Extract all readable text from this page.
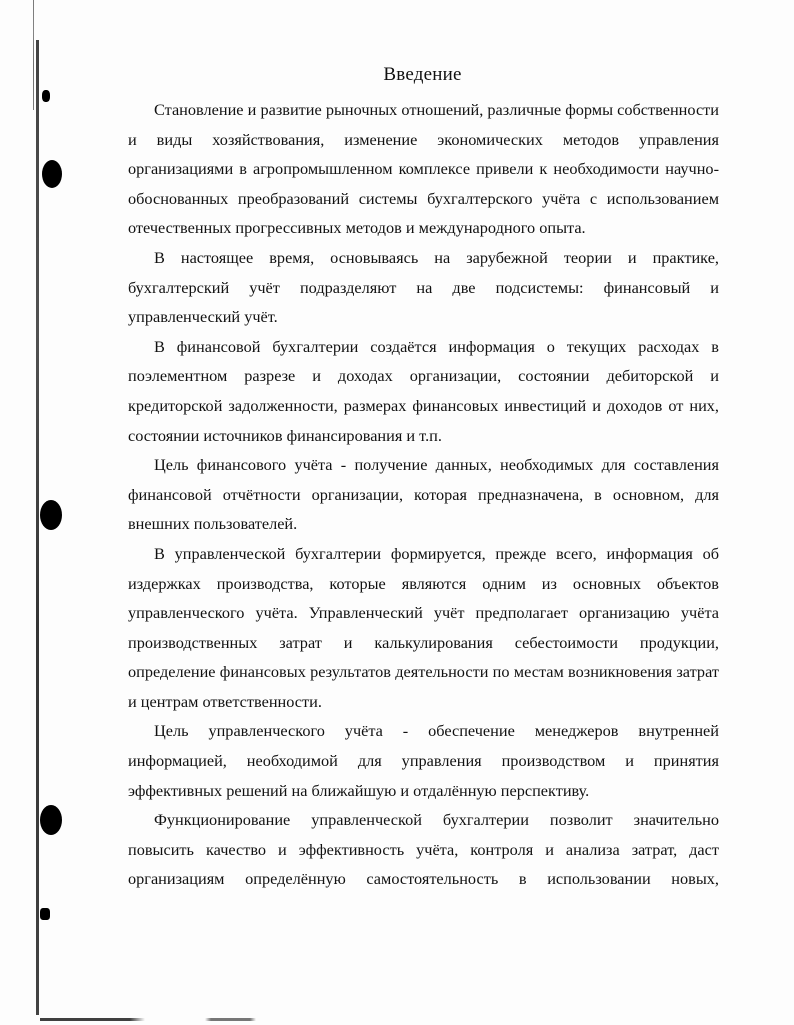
Введение

Становление и развитие рыночных отношений, различные формы собственности и виды хозяйствования, изменение экономических методов управления организациями в агропромышленном комплексе привели к необходимости научно-обоснованных преобразований системы бухгалтерского учёта с использованием отечественных прогрессивных методов и международного опыта.

В настоящее время, основываясь на зарубежной теории и практике, бухгалтерский учёт подразделяют на две подсистемы: финансовый и управленческий учёт.

В финансовой бухгалтерии создаётся информация о текущих расходах в поэлементном разрезе и доходах организации, состоянии дебиторской и кредиторской задолженности, размерах финансовых инвестиций и доходов от них, состоянии источников финансирования и т.п.

Цель финансового учёта - получение данных, необходимых для составления финансовой отчётности организации, которая предназначена, в основном, для внешних пользователей.

В управленческой бухгалтерии формируется, прежде всего, информация об издержках производства, которые являются одним из основных объектов управленческого учёта. Управленческий учёт предполагает организацию учёта производственных затрат и калькулирования себестоимости продукции, определение финансовых результатов деятельности по местам возникновения затрат и центрам ответственности.

Цель управленческого учёта - обеспечение менеджеров внутренней информацией, необходимой для управления производством и принятия эффективных решений на ближайшую и отдалённую перспективу.

Функционирование управленческой бухгалтерии позволит значительно повысить качество и эффективность учёта, контроля и анализа затрат, даст организациям определённую самостоятельность в использовании новых,
